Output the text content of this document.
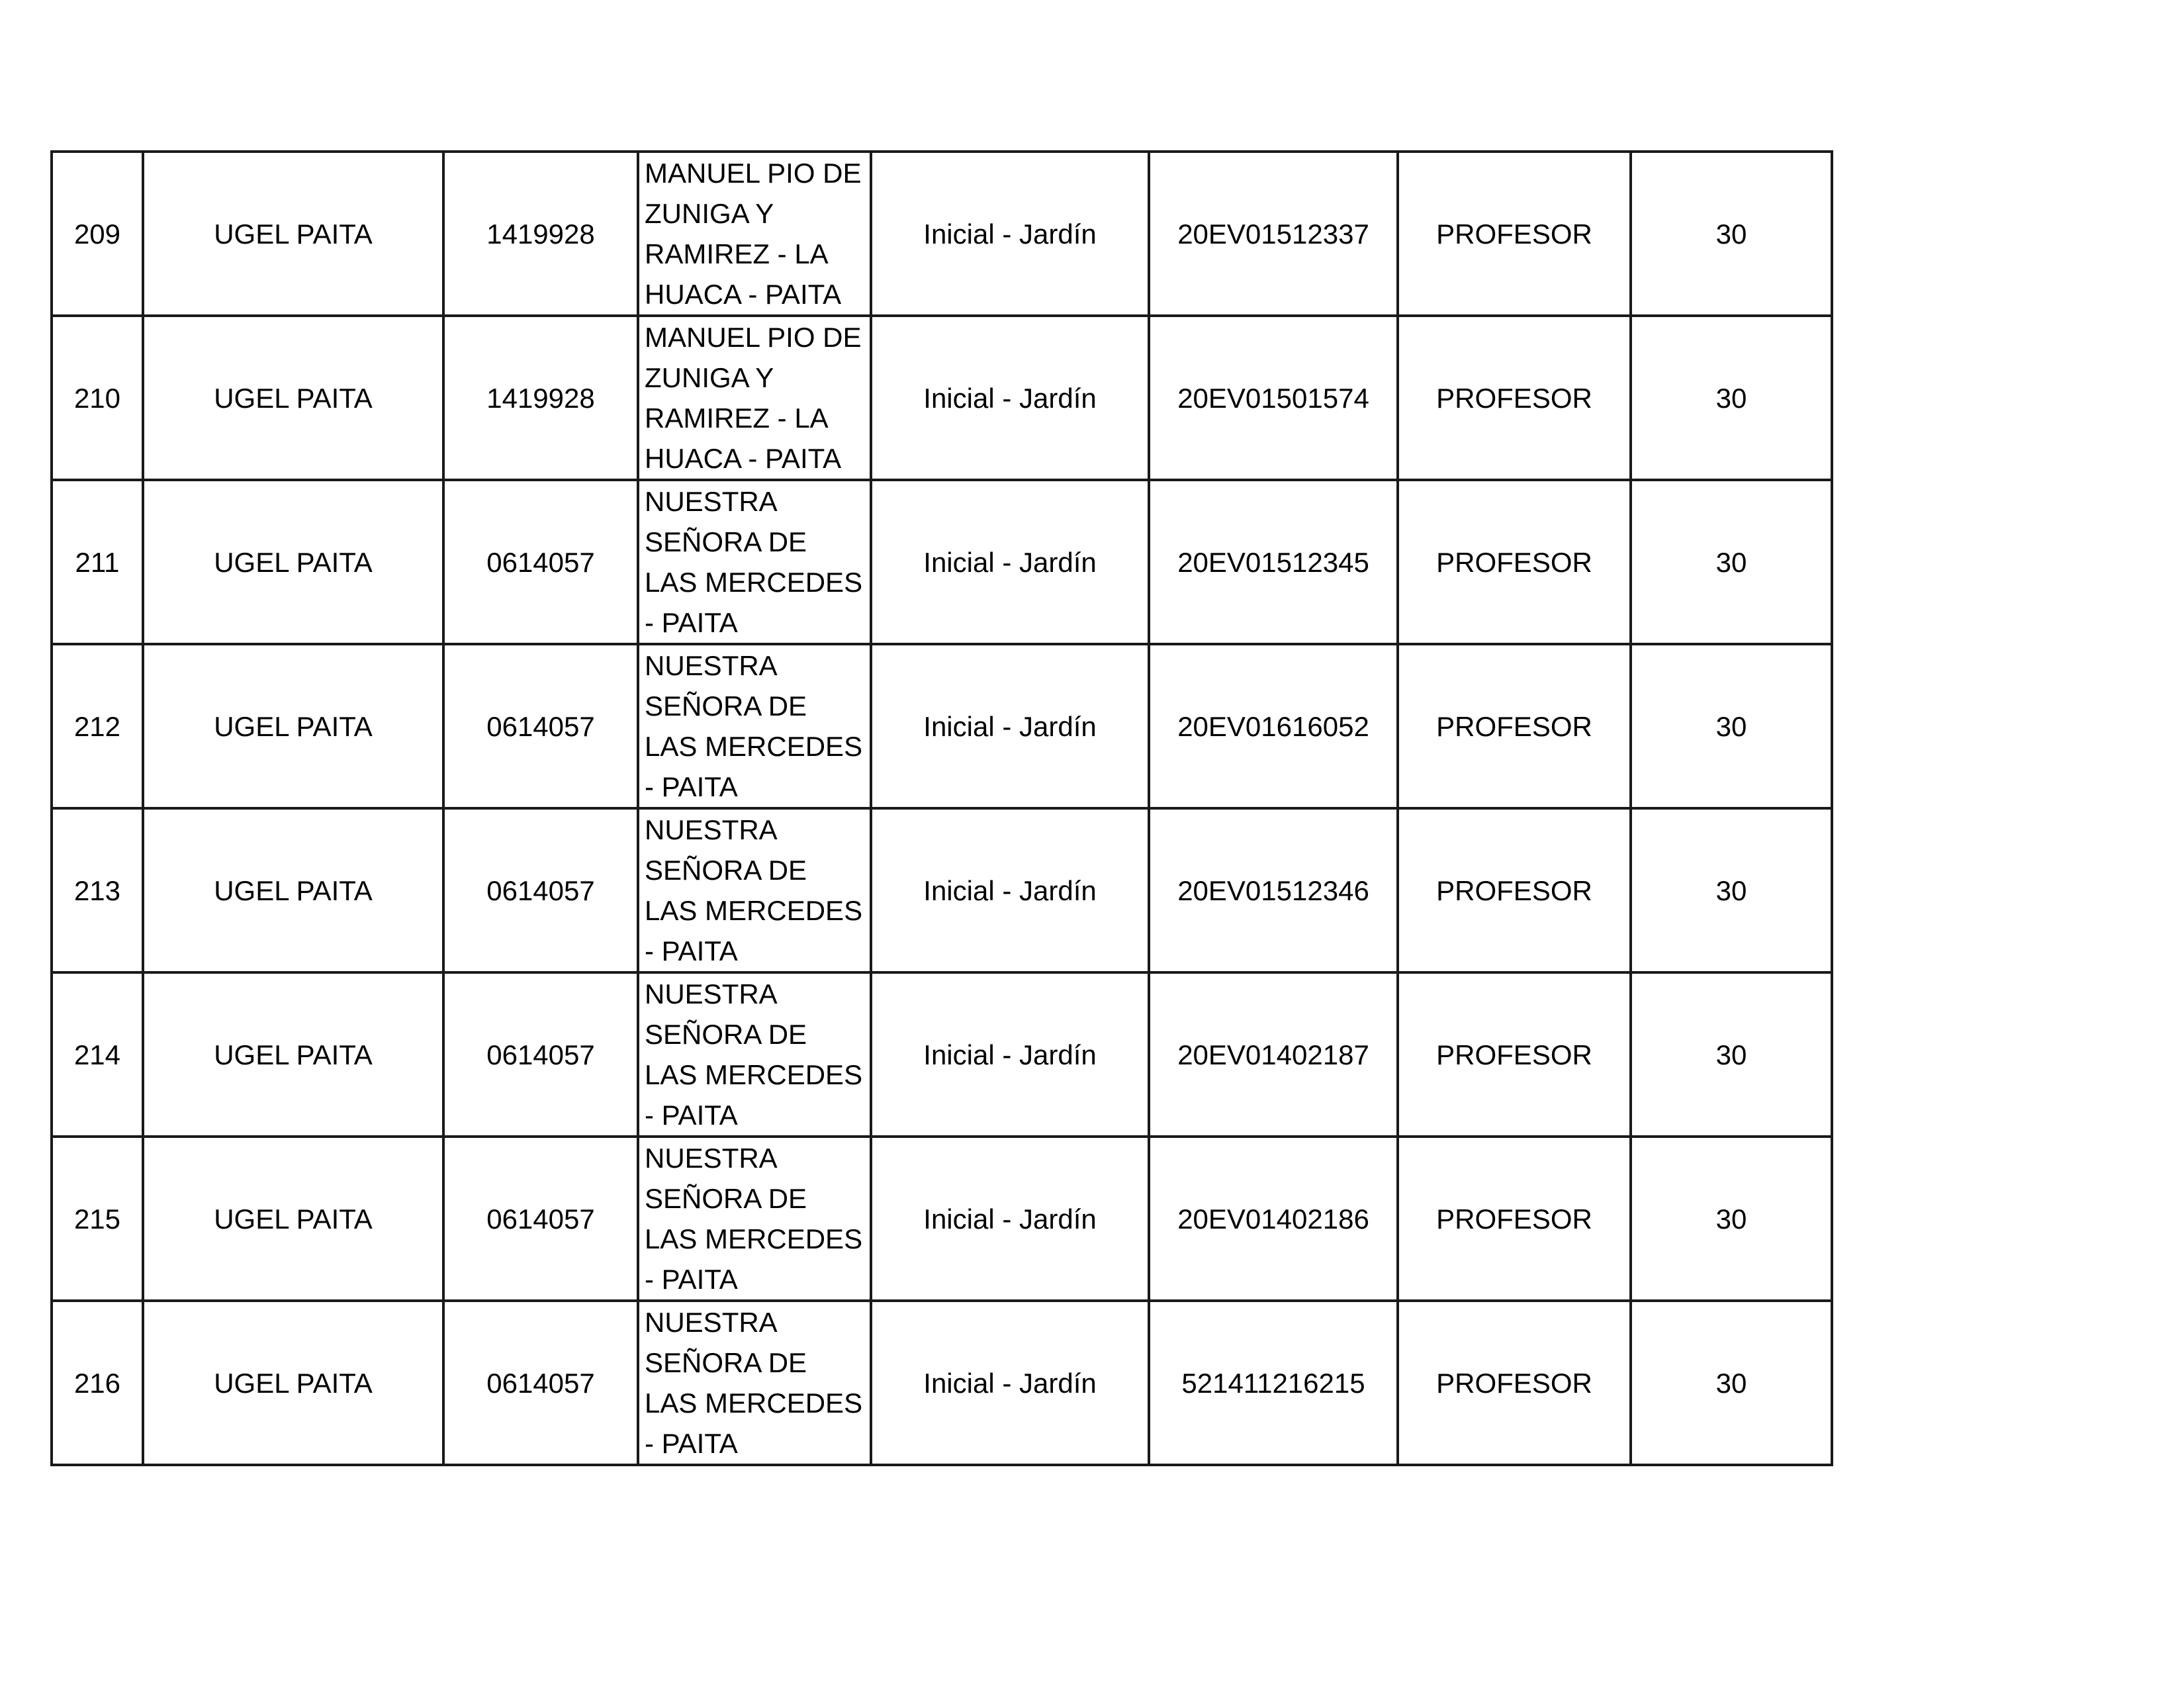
209	UGEL PAITA	1419928	MANUEL PIO DE ZUNIGA Y RAMIREZ - LA HUACA - PAITA	Inicial - Jardín	20EV01512337	PROFESOR	30
210	UGEL PAITA	1419928	MANUEL PIO DE ZUNIGA Y RAMIREZ - LA HUACA - PAITA	Inicial - Jardín	20EV01501574	PROFESOR	30
211	UGEL PAITA	0614057	NUESTRA SEÑORA DE LAS MERCEDES - PAITA	Inicial - Jardín	20EV01512345	PROFESOR	30
212	UGEL PAITA	0614057	NUESTRA SEÑORA DE LAS MERCEDES - PAITA	Inicial - Jardín	20EV01616052	PROFESOR	30
213	UGEL PAITA	0614057	NUESTRA SEÑORA DE LAS MERCEDES - PAITA	Inicial - Jardín	20EV01512346	PROFESOR	30
214	UGEL PAITA	0614057	NUESTRA SEÑORA DE LAS MERCEDES - PAITA	Inicial - Jardín	20EV01402187	PROFESOR	30
215	UGEL PAITA	0614057	NUESTRA SEÑORA DE LAS MERCEDES - PAITA	Inicial - Jardín	20EV01402186	PROFESOR	30
216	UGEL PAITA	0614057	NUESTRA SEÑORA DE LAS MERCEDES - PAITA	Inicial - Jardín	521411216215	PROFESOR	30
